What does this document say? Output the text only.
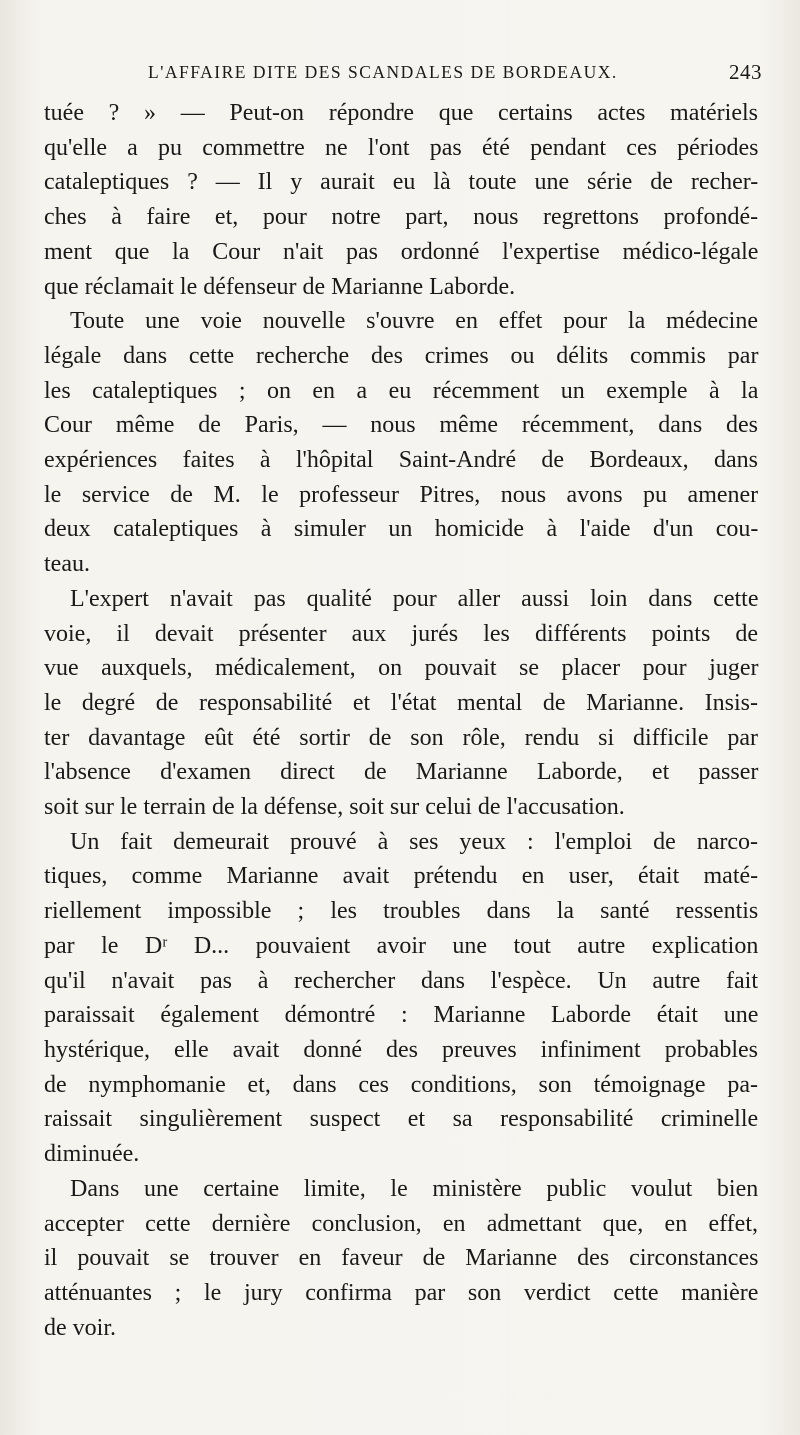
L'AFFAIRE DITE DES SCANDALES DE BORDEAUX.	243

tuée ? » — Peut-on répondre que certains actes matériels
qu'elle a pu commettre ne l'ont pas été pendant ces périodes
cataleptiques ? — Il y aurait eu là toute une série de recher-
ches à faire et, pour notre part, nous regrettons profondé-
ment que la Cour n'ait pas ordonné l'expertise médico-légale
que réclamait le défenseur de Marianne Laborde.

Toute une voie nouvelle s'ouvre en effet pour la médecine
légale dans cette recherche des crimes ou délits commis par
les cataleptiques ; on en a eu récemment un exemple à la
Cour même de Paris, — nous même récemment, dans des
expériences faites à l'hôpital Saint-André de Bordeaux, dans
le service de M. le professeur Pitres, nous avons pu amener
deux cataleptiques à simuler un homicide à l'aide d'un cou-
teau.

L'expert n'avait pas qualité pour aller aussi loin dans cette
voie, il devait présenter aux jurés les différents points de
vue auxquels, médicalement, on pouvait se placer pour juger
le degré de responsabilité et l'état mental de Marianne. Insis-
ter davantage eût été sortir de son rôle, rendu si difficile par
l'absence d'examen direct de Marianne Laborde, et passer
soit sur le terrain de la défense, soit sur celui de l'accusation.

Un fait demeurait prouvé à ses yeux : l'emploi de narco-
tiques, comme Marianne avait prétendu en user, était maté-
riellement impossible ; les troubles dans la santé ressentis
par le Dʳ D... pouvaient avoir une tout autre explication
qu'il n'avait pas à rechercher dans l'espèce. Un autre fait
paraissait également démontré : Marianne Laborde était une
hystérique, elle avait donné des preuves infiniment probables
de nymphomanie et, dans ces conditions, son témoignage pa-
raissait singulièrement suspect et sa responsabilité criminelle
diminuée.

Dans une certaine limite, le ministère public voulut bien
accepter cette dernière conclusion, en admettant que, en effet,
il pouvait se trouver en faveur de Marianne des circonstances
atténuantes ; le jury confirma par son verdict cette manière
de voir.
